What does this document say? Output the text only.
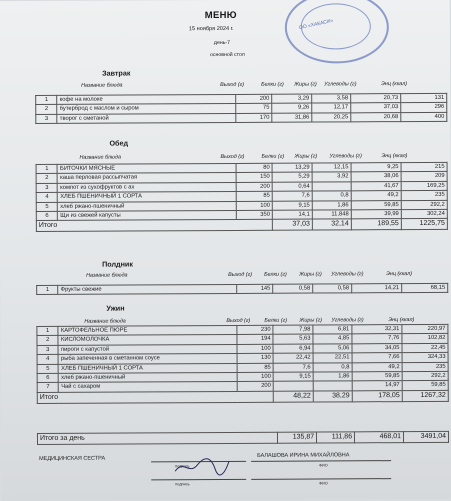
ОО «ХАКАСИ»
МЕНЮ
15 ноября 2024 г.
день-7
основной стол
Завтрак
Название блюда	Выход (г)	Белки (г) Жиры (г) Углеводы (г)	Энц (ккал)
1	кофе на молоке	200	3,29	3,58	20,73	131
2	бутерброд с маслом и сыром	75	9,26	12,17	37,03	296
3	творог с сметаной	170	31,86	20,25	20,68	400
Обед
Название блюда	Выход (г)	Белки (г) Жиры (г) Углеводы (г)	Энц (ккал)
1	БИТОЧКИ МЯСНЫЕ	80	13,29	12,15	9,25	215
2	каша перловая рассыпчатая	150	5,29	3,92	38,06	209
3	компот из сухофруктов с ах	200	0,64		41,67	169,25
4	ХЛЕБ ПШЕНИЧНЫЙ 1 СОРТА	85	7,6	0,8	49,2	235
5	хлеб ржано-пшеничный	100	9,15	1,86	59,85	292,2
6	Щи из свежей капусты	350	14,1	11,848	39,99	302,24
Итого			37,03	32,14	189,55	1225,75
Полдник
Название блюда	Выход (г) Белки (г) Жиры (г) Углеводы (г)	Энц (ккал)
1	Фрукты свежие	145	0,58	0,58	14,21	68,15
Ужин
Название блюда	Выход (г)	Белки (г) Жиры (г) Углеводы (г)	Энц (ккал)
1	КАРТОФЕЛЬНОЕ ПЮРЕ	230	7,98	6,81	32,31	220,97
2	КИСЛОМОЛОЧКА	194	5,63	4,85	7,76	102,82
3	пироги с капустой	100	6,94	5,06	34,05	22,45
4	рыба запеченная в сметанном соусе	130	22,42	22,51	7,66	324,33
5	ХЛЕБ ПШЕНИЧНЫЙ 1 СОРТА	85	7,6	0,8	49,2	235
6	хлеб ржано-пшеничный	100	9,15	1,86	59,85	292,2
7	Чай с сахаром	200			14,97	59,85
Итого			48,22	38,29	178,05	1267,32
Итого за день	135,87	111,86	468,01	3491,04
МЕДИЦИНСКАЯ СЕСТРА
подпись
БАЛАШОВА ИРИНА МИХАЙЛОВНА
ФИО
подпись	ФИО
